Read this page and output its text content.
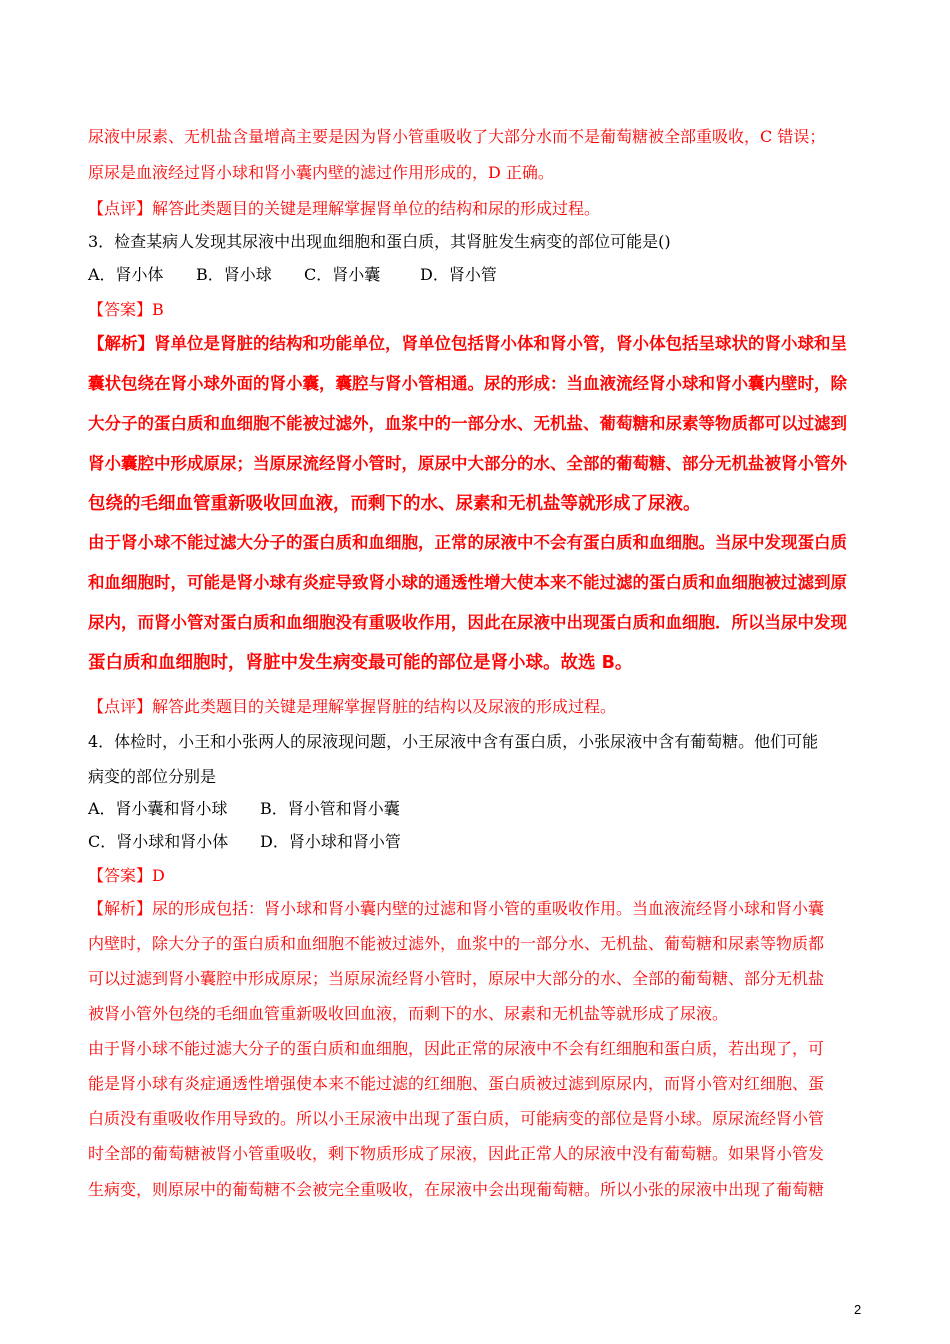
尿液中尿素、无机盐含量增高主要是因为肾小管重吸收了大部分水而不是葡萄糖被全部重吸收，C 错误；
原尿是血液经过肾小球和肾小囊内壁的滤过作用形成的，D 正确。
【点评】解答此类题目的关键是理解掌握肾单位的结构和尿的形成过程。
3．检查某病人发现其尿液中出现血细胞和蛋白质，其肾脏发生病变的部位可能是()
A．肾小体 B．肾小球 C．肾小囊 D．肾小管
【答案】B
【解析】肾单位是肾脏的结构和功能单位，肾单位包括肾小体和肾小管，肾小体包括呈球状的肾小球和呈
囊状包绕在肾小球外面的肾小囊，囊腔与肾小管相通。尿的形成：当血液流经肾小球和肾小囊内壁时，除
大分子的蛋白质和血细胞不能被过滤外，血浆中的一部分水、无机盐、葡萄糖和尿素等物质都可以过滤到
肾小囊腔中形成原尿；当原尿流经肾小管时，原尿中大部分的水、全部的葡萄糖、部分无机盐被肾小管外
包绕的毛细血管重新吸收回血液，而剩下的水、尿素和无机盐等就形成了尿液。
由于肾小球不能过滤大分子的蛋白质和血细胞，正常的尿液中不会有蛋白质和血细胞。当尿中发现蛋白质
和血细胞时，可能是肾小球有炎症导致肾小球的通透性增大使本来不能过滤的蛋白质和血细胞被过滤到原
尿内，而肾小管对蛋白质和血细胞没有重吸收作用，因此在尿液中出现蛋白质和血细胞．所以当尿中发现
蛋白质和血细胞时，肾脏中发生病变最可能的部位是肾小球。故选 B。
【点评】解答此类题目的关键是理解掌握肾脏的结构以及尿液的形成过程。
4．体检时，小王和小张两人的尿液现问题，小王尿液中含有蛋白质，小张尿液中含有葡萄糖。他们可能
病变的部位分别是
A．肾小囊和肾小球 B．肾小管和肾小囊
C．肾小球和肾小体 D．肾小球和肾小管
【答案】D
【解析】尿的形成包括：肾小球和肾小囊内壁的过滤和肾小管的重吸收作用。当血液流经肾小球和肾小囊
内壁时，除大分子的蛋白质和血细胞不能被过滤外，血浆中的一部分水、无机盐、葡萄糖和尿素等物质都
可以过滤到肾小囊腔中形成原尿；当原尿流经肾小管时，原尿中大部分的水、全部的葡萄糖、部分无机盐
被肾小管外包绕的毛细血管重新吸收回血液，而剩下的水、尿素和无机盐等就形成了尿液。
由于肾小球不能过滤大分子的蛋白质和血细胞，因此正常的尿液中不会有红细胞和蛋白质，若出现了，可
能是肾小球有炎症通透性增强使本来不能过滤的红细胞、蛋白质被过滤到原尿内，而肾小管对红细胞、蛋
白质没有重吸收作用导致的。所以小王尿液中出现了蛋白质，可能病变的部位是肾小球。原尿流经肾小管
时全部的葡萄糖被肾小管重吸收，剩下物质形成了尿液，因此正常人的尿液中没有葡萄糖。如果肾小管发
生病变，则原尿中的葡萄糖不会被完全重吸收，在尿液中会出现葡萄糖。所以小张的尿液中出现了葡萄糖
2
